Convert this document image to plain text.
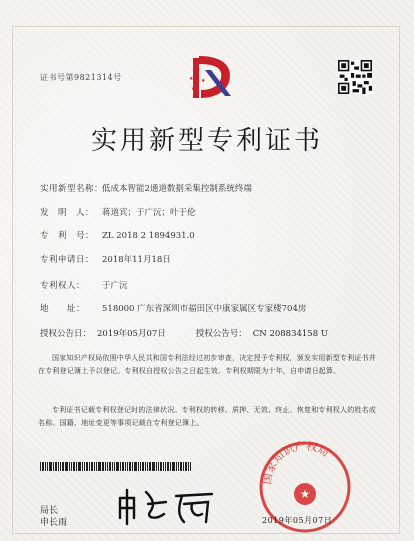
证书号第9821314号
★
★ ★
★
实用新型专利证书
实用新型名称：低成本智能2通道数据采集控制系统终端
发　明　人： 蒋道宾；于广沅；叶于伦
专　利　号： ZL 2018 2 1894931.0
专利申请日： 2018年11月18日
专利权人： 于广沅
地　　址： 518000 广东省深圳市福田区中康家属区专家楼704房
授权公告日： 2019年05月07日	授权公告号： CN 208834158 U

国家知识产权局依照中华人民共和国专利法经过初步审查，决定授予专利权，颁发实用新型专利证书并在专利登记簿上予以登记。专利权自授权公告之日起生效。专利权期限为十年，自申请日起算。

专利证书记载专利权登记时的法律状况。专利权的转移、质押、无效、终止、恢复和专利权人的姓名或名称、国籍、地址变更等事项记载在专利登记簿上。

局长
申长雨
国家知识产权局
★
2019年05月07日
